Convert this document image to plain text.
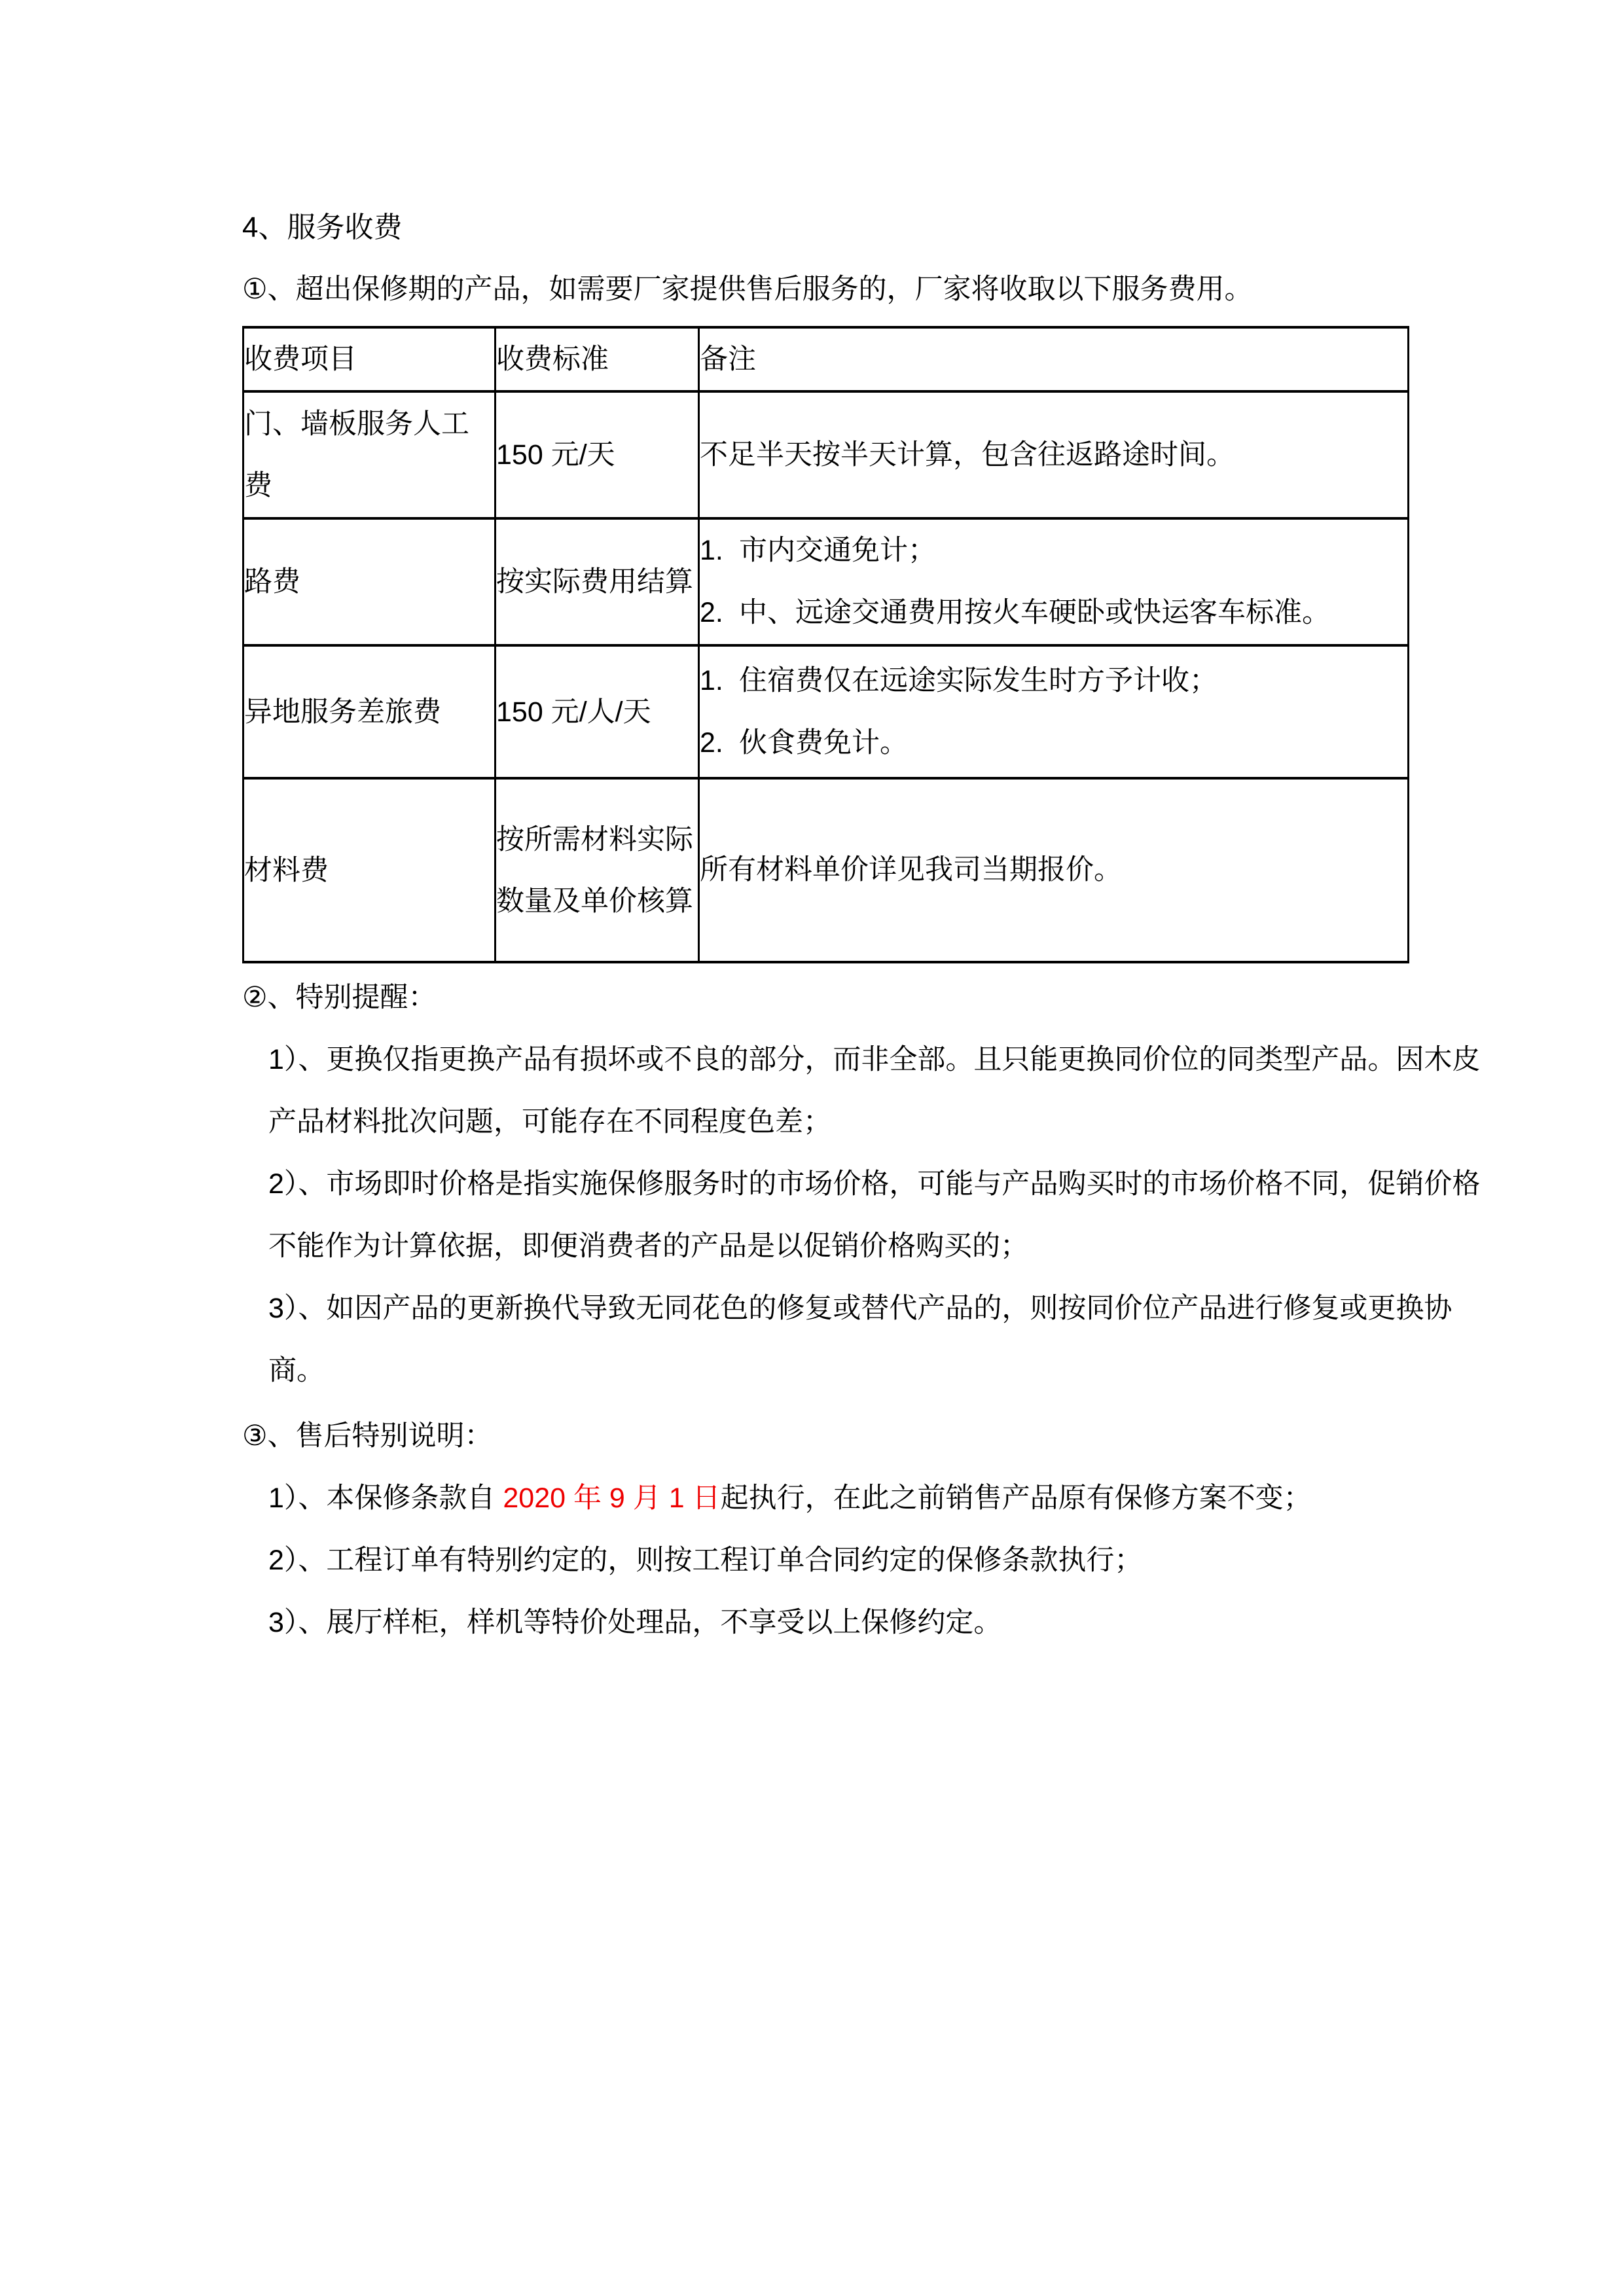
4、服务收费
①、超出保修期的产品，如需要厂家提供售后服务的，厂家将收取以下服务费用。
收费项目	收费标准	备注
门、墙板服务人工费	150 元/天	不足半天按半天计算，包含往返路途时间。

路费	按实际费用结算	1. 市内交通免计；
2. 中、远途交通费用按火车硬卧或快运客车标准。

异地服务差旅费	150 元/人/天	1. 住宿费仅在远途实际发生时方予计收；
2. 伙食费免计。

材料费	按所需材料实际数量及单价核算	所有材料单价详见我司当期报价。
②、特别提醒：
1）、更换仅指更换产品有损坏或不良的部分，而非全部。且只能更换同价位的同类型产品。因木皮
产品材料批次问题，可能存在不同程度色差；
2）、市场即时价格是指实施保修服务时的市场价格，可能与产品购买时的市场价格不同，促销价格
不能作为计算依据，即便消费者的产品是以促销价格购买的；
3）、如因产品的更新换代导致无同花色的修复或替代产品的，则按同价位产品进行修复或更换协商。
③、售后特别说明：
1）、本保修条款自 2020 年 9 月 1 日起执行，在此之前销售产品原有保修方案不变；
2）、工程订单有特别约定的，则按工程订单合同约定的保修条款执行；
3）、展厅样柜，样机等特价处理品，不享受以上保修约定。
